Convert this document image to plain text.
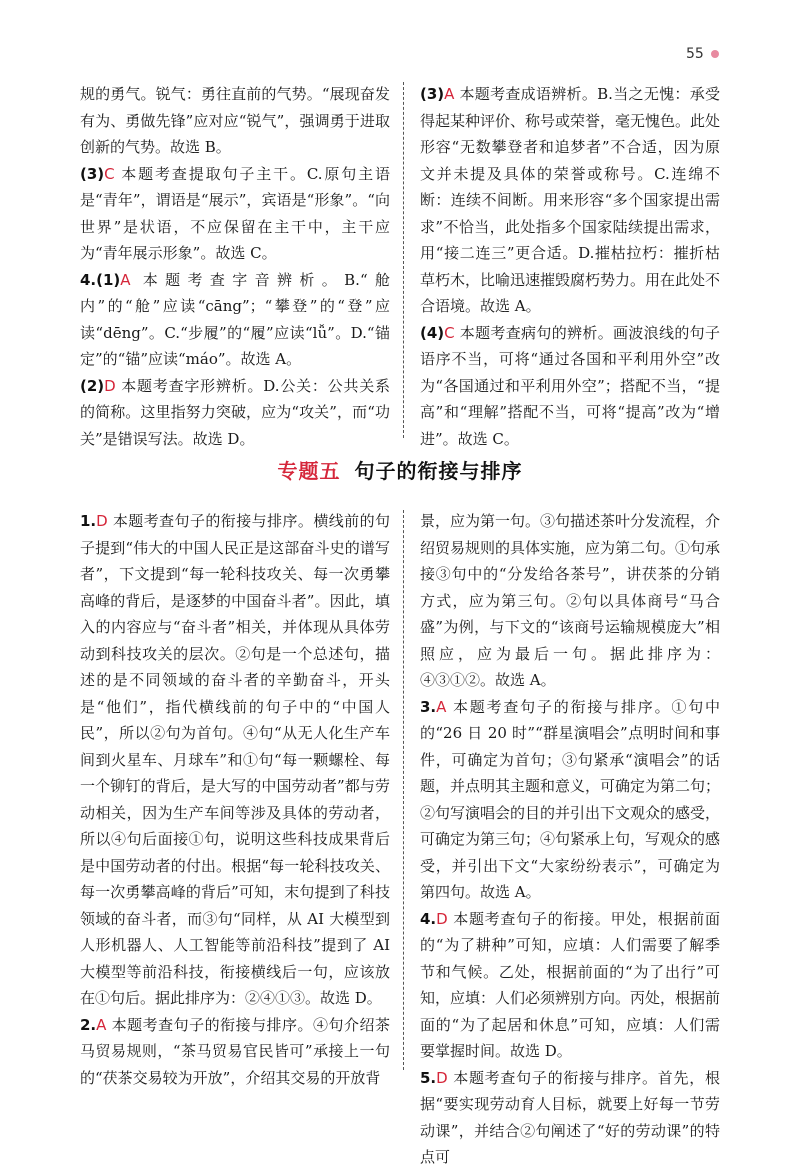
55

规的勇气。锐气：勇往直前的气势。“展现奋发有为、勇做先锋”应对应“锐气”，强调勇于进取创新的气势。故选 B。

(3)C 本题考查提取句子主干。C.原句主语是“青年”，谓语是“展示”，宾语是“形象”。“向世界”是状语，不应保留在主干中，主干应为“青年展示形象”。故选 C。

4.(1)A 本题考查字音辨析。B.“舱内”的“舱”应读“cāng”；“攀登”的“登”应读“dēng”。C.“步履”的“履”应读“lǚ”。D.“锚定”的“锚”应读“máo”。故选 A。

(2)D 本题考查字形辨析。D.公关：公共关系的简称。这里指努力突破，应为“攻关”，而“功关”是错误写法。故选 D。

(3)A 本题考查成语辨析。B.当之无愧：承受得起某种评价、称号或荣誉，毫无愧色。此处形容“无数攀登者和追梦者”不合适，因为原文并未提及具体的荣誉或称号。C.连绵不断：连续不间断。用来形容“多个国家提出需求”不恰当，此处指多个国家陆续提出需求，用“接二连三”更合适。D.摧枯拉朽：摧折枯草朽木，比喻迅速摧毁腐朽势力。用在此处不合语境。故选 A。

(4)C 本题考查病句的辨析。画波浪线的句子语序不当，可将“通过各国和平利用外空”改为“各国通过和平利用外空”；搭配不当，“提高”和“理解”搭配不当，可将“提高”改为“增进”。故选 C。

专题五 句子的衔接与排序

1.D 本题考查句子的衔接与排序。横线前的句子提到“伟大的中国人民正是这部奋斗史的谱写者”，下文提到“每一轮科技攻关、每一次勇攀高峰的背后，是逐梦的中国奋斗者”。因此，填入的内容应与“奋斗者”相关，并体现从具体劳动到科技攻关的层次。②句是一个总述句，描述的是不同领域的奋斗者的辛勤奋斗，开头是“他们”，指代横线前的句子中的“中国人民”，所以②句为首句。④句“从无人化生产车间到火星车、月球车”和①句“每一颗螺栓、每一个铆钉的背后，是大写的中国劳动者”都与劳动相关，因为生产车间等涉及具体的劳动者，所以④句后面接①句，说明这些科技成果背后是中国劳动者的付出。根据“每一轮科技攻关、每一次勇攀高峰的背后”可知，末句提到了科技领域的奋斗者，而③句“同样，从 AI 大模型到人形机器人、人工智能等前沿科技”提到了 AI 大模型等前沿科技，衔接横线后一句，应该放在①句后。据此排序为：②④①③。故选 D。

2.A 本题考查句子的衔接与排序。④句介绍茶马贸易规则，“茶马贸易官民皆可”承接上一句的“茯茶交易较为开放”，介绍其交易的开放背

景，应为第一句。③句描述茶叶分发流程，介绍贸易规则的具体实施，应为第二句。①句承接③句中的“分发给各茶号”，讲茯茶的分销方式，应为第三句。②句以具体商号“马合盛”为例，与下文的“该商号运输规模庞大”相照应，应为最后一句。据此排序为：④③①②。故选 A。

3.A 本题考查句子的衔接与排序。①句中的“26 日 20 时”“群星演唱会”点明时间和事件，可确定为首句；③句紧承“演唱会”的话题，并点明其主题和意义，可确定为第二句；②句写演唱会的目的并引出下文观众的感受，可确定为第三句；④句紧承上句，写观众的感受，并引出下文“大家纷纷表示”，可确定为第四句。故选 A。

4.D 本题考查句子的衔接。甲处，根据前面的“为了耕种”可知，应填：人们需要了解季节和气候。乙处，根据前面的“为了出行”可知，应填：人们必须辨别方向。丙处，根据前面的“为了起居和休息”可知，应填：人们需要掌握时间。故选 D。

5.D 本题考查句子的衔接与排序。首先，根据“要实现劳动育人目标，就要上好每一节劳动课”，并结合②句阐述了“好的劳动课”的特点可
